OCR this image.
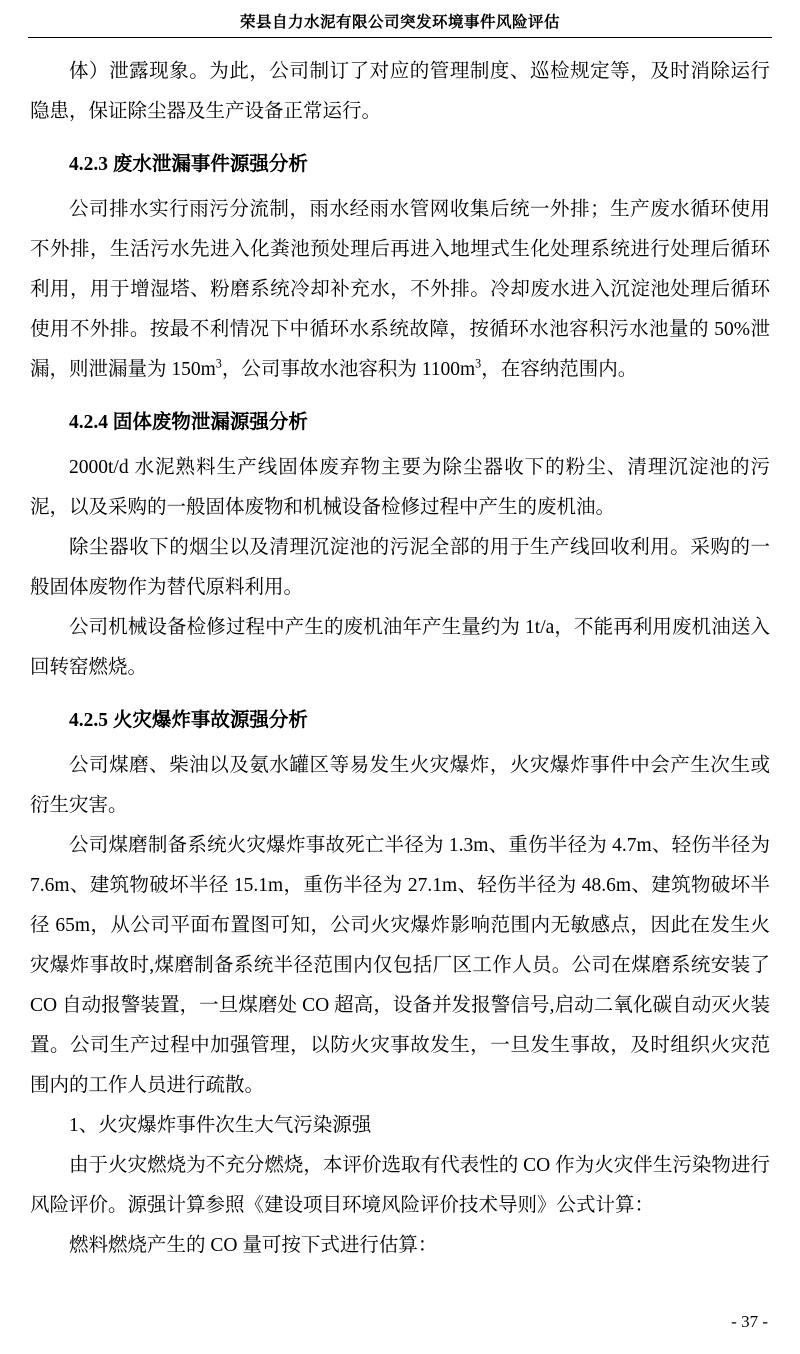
荣县自力水泥有限公司突发环境事件风险评估

体）泄露现象。为此，公司制订了对应的管理制度、巡检规定等，及时消除运行隐患，保证除尘器及生产设备正常运行。

4.2.3 废水泄漏事件源强分析

公司排水实行雨污分流制，雨水经雨水管网收集后统一外排；生产废水循环使用不外排，生活污水先进入化粪池预处理后再进入地埋式生化处理系统进行处理后循环利用，用于增湿塔、粉磨系统冷却补充水，不外排。冷却废水进入沉淀池处理后循环使用不外排。按最不利情况下中循环水系统故障，按循环水池容积污水池量的 50%泄漏，则泄漏量为 $150m^3$，公司事故水池容积为 $1100m^3$，在容纳范围内。

4.2.4 固体废物泄漏源强分析

2000t/d 水泥熟料生产线固体废弃物主要为除尘器收下的粉尘、清理沉淀池的污泥，以及采购的一般固体废物和机械设备检修过程中产生的废机油。

除尘器收下的烟尘以及清理沉淀池的污泥全部的用于生产线回收利用。采购的一般固体废物作为替代原料利用。

公司机械设备检修过程中产生的废机油年产生量约为 1t/a，不能再利用废机油送入回转窑燃烧。

4.2.5 火灾爆炸事故源强分析

公司煤磨、柴油以及氨水罐区等易发生火灾爆炸，火灾爆炸事件中会产生次生或衍生灾害。

公司煤磨制备系统火灾爆炸事故死亡半径为 1.3m、重伤半径为 4.7m、轻伤半径为 7.6m、建筑物破坏半径 15.1m，重伤半径为 27.1m、轻伤半径为 48.6m、建筑物破坏半径 65m，从公司平面布置图可知，公司火灾爆炸影响范围内无敏感点，因此在发生火灾爆炸事故时,煤磨制备系统半径范围内仅包括厂区工作人员。公司在煤磨系统安装了 CO 自动报警装置，一旦煤磨处 CO 超高，设备并发报警信号,启动二氧化碳自动灭火装置。公司生产过程中加强管理，以防火灾事故发生，一旦发生事故，及时组织火灾范围内的工作人员进行疏散。

1、火灾爆炸事件次生大气污染源强

由于火灾燃烧为不充分燃烧，本评价选取有代表性的 CO 作为火灾伴生污染物进行风险评价。源强计算参照《建设项目环境风险评价技术导则》公式计算：

燃料燃烧产生的 CO 量可按下式进行估算：

- 37 -
